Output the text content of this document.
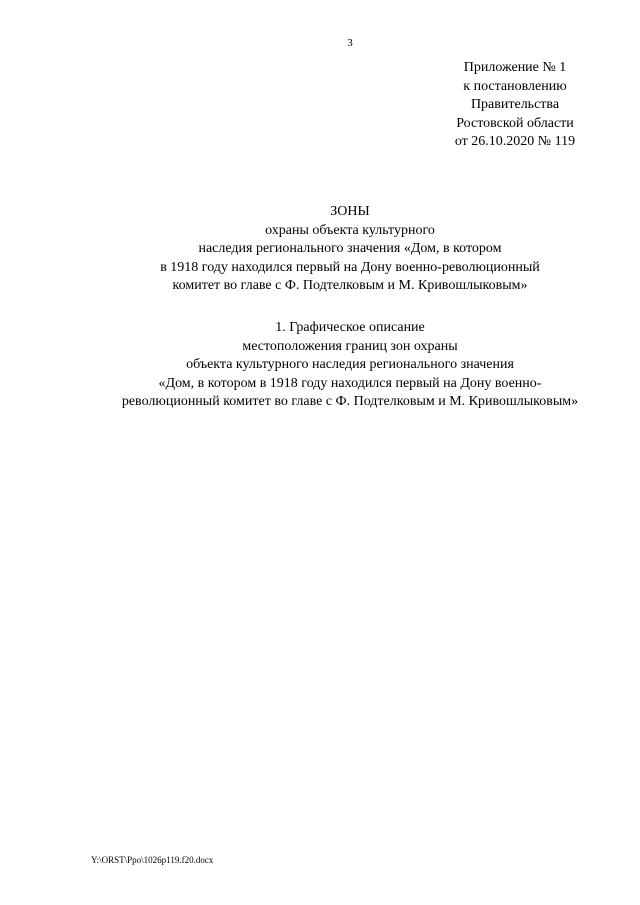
3
Приложение № 1
к постановлению
Правительства
Ростовской области
от 26.10.2020 № 119
ЗОНЫ
охраны объекта культурного
наследия регионального значения «Дом, в котором
в 1918 году находился первый на Дону военно-революционный
комитет во главе с Ф. Подтелковым и М. Кривошлыковым»
1. Графическое описание
местоположения границ зон охраны
объекта культурного наследия регионального значения
«Дом, в котором в 1918 году находился первый на Дону военно-
революционный комитет во главе с Ф. Подтелковым и М. Кривошлыковым»
Y:\ORST\Ppo\1026p119.f20.docx
